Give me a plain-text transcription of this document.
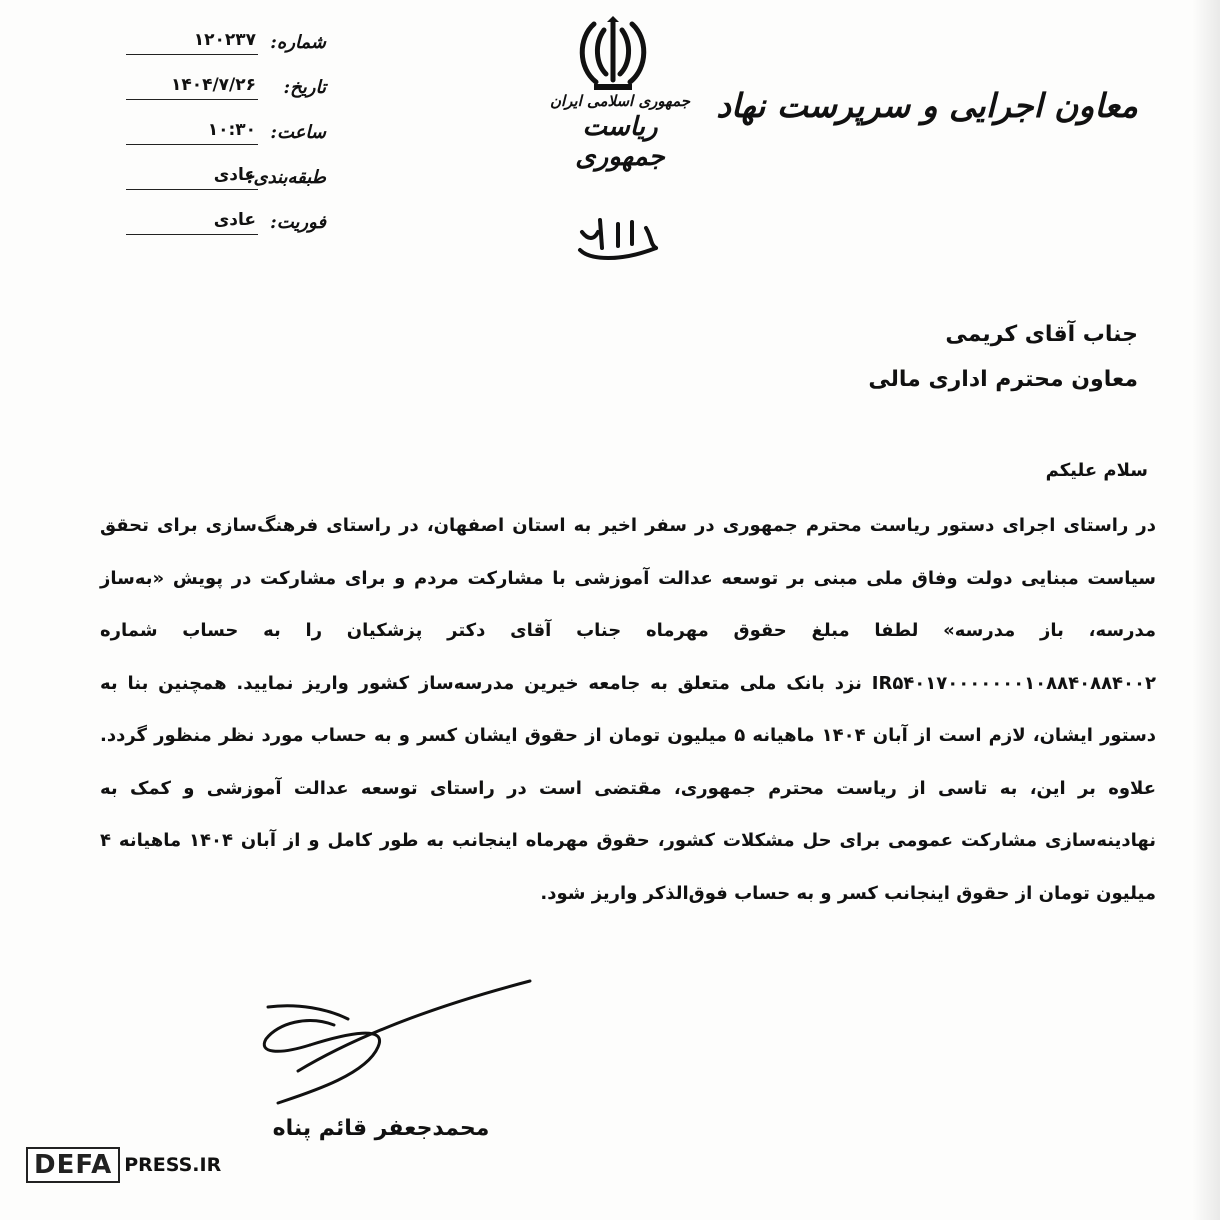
شماره:
۱۲۰۲۳۷
تاریخ:
۱۴۰۴/۷/۲۶
ساعت:
۱۰:۳۰
طبقه‌بندی:
عادی
فوریت:
عادی
جمهوری اسلامی ایران
ریاست جمهوری
معاون اجرایی و سرپرست نهاد
جناب آقای کریمی
معاون محترم اداری مالی
سلام علیکم
در راستای اجرای دستور ریاست محترم جمهوری در سفر اخیر به استان اصفهان، در راستای فرهنگ‌سازی برای تحقق سیاست مبنایی دولت وفاق ملی مبنی بر توسعه عدالت آموزشی با مشارکت مردم و برای مشارکت در پویش «به‌ساز مدرسه، باز مدرسه» لطفا مبلغ حقوق مهرماه جناب آقای دکتر پزشکیان را به حساب شماره IR۵۴۰۱۷۰۰۰۰۰۰۰۱۰۸۸۴۰۸۸۴۰۰۲ نزد بانک ملی متعلق به جامعه خیرین مدرسه‌ساز کشور واریز نمایید. همچنین بنا به دستور ایشان، لازم است از آبان ۱۴۰۴ ماهیانه ۵ میلیون تومان از حقوق ایشان کسر و به حساب مورد نظر منظور گردد. علاوه بر این، به تاسی از ریاست محترم جمهوری، مقتضی است در راستای توسعه عدالت آموزشی و کمک به نهادینه‌سازی مشارکت عمومی برای حل مشکلات کشور، حقوق مهرماه اینجانب به طور کامل و از آبان ۱۴۰۴ ماهیانه ۴ میلیون تومان از حقوق اینجانب کسر و به حساب فوق‌الذکر واریز شود.
محمدجعفر قائم پناه
DEFA PRESS.IR
